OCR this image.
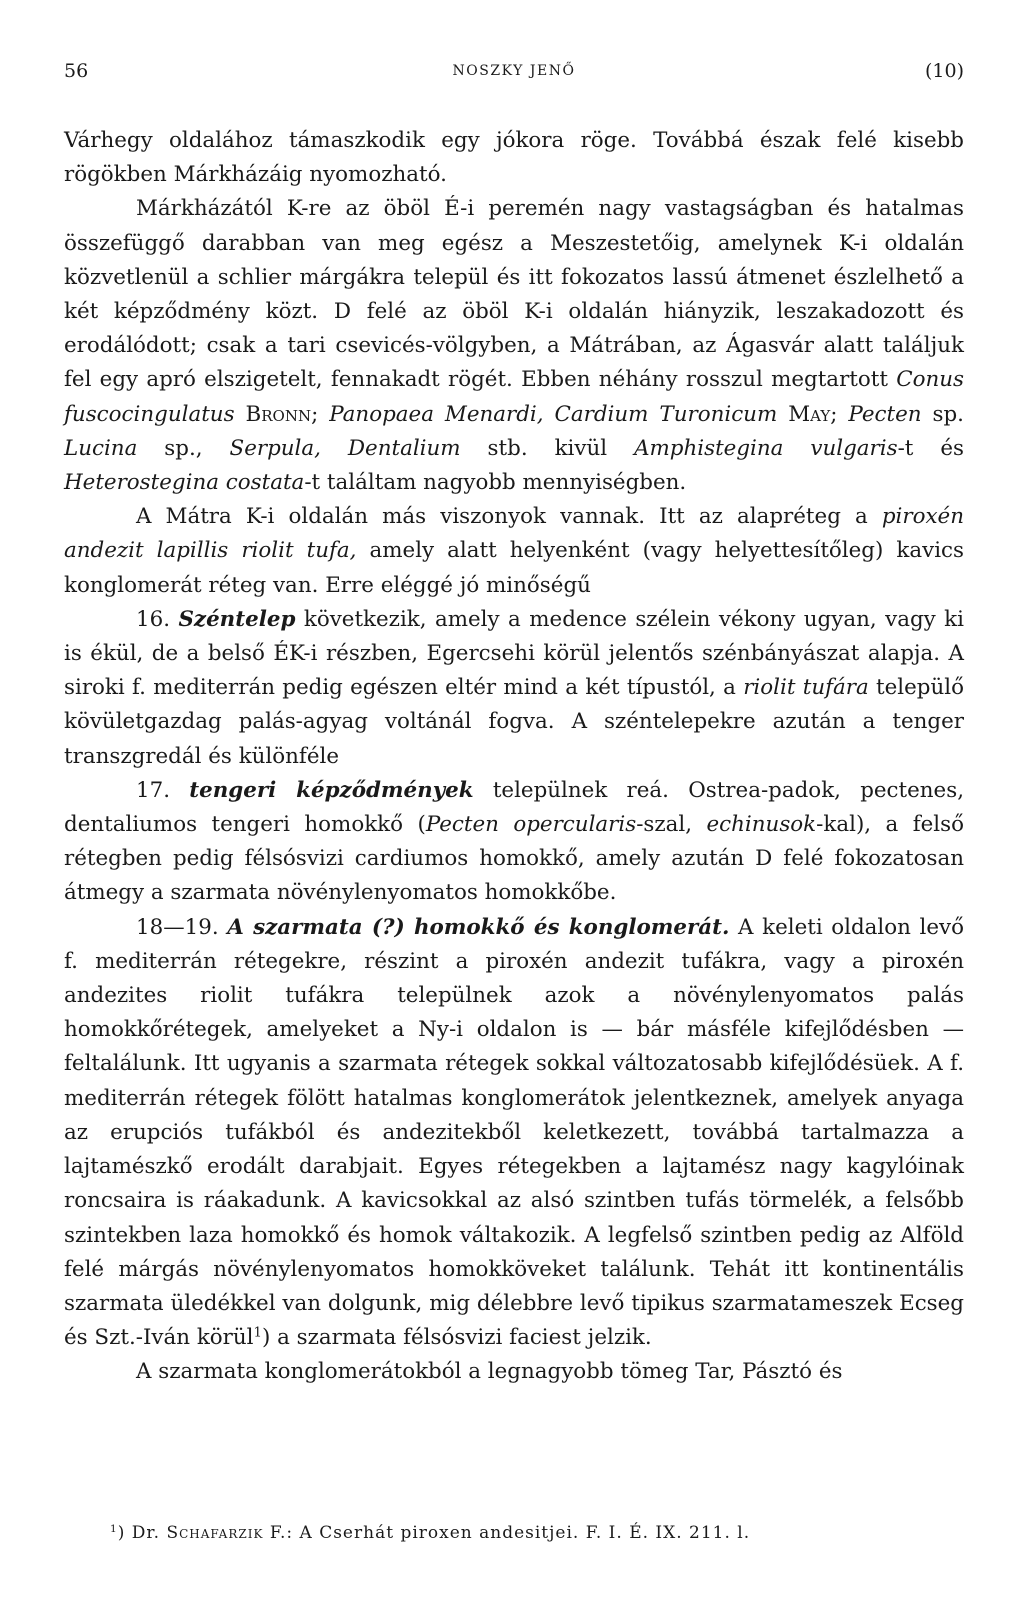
56	NOSZKY JENŐ	(10)

Várhegy oldalához támaszkodik egy jókora röge. Továbbá észak felé kisebb rögökben Márkházáig nyomozható.

Márkházától K-re az öböl É-i peremén nagy vastagságban és hatalmas összefüggő darabban van meg egész a Meszestetőig, amelynek K-i oldalán közvetlenül a schlier márgákra települ és itt fokozatos lassú átmenet észlelhető a két képződmény közt. D felé az öböl K-i oldalán hiányzik, leszakadozott és erodálódott; csak a tari csevicés-völgyben, a Mátrában, az Ágasvár alatt találjuk fel egy apró elszigetelt, fennakadt rögét. Ebben néhány rosszul megtartott Conus fuscocingulatus Bronn; Panopaea Menardi, Cardium Turonicum May; Pecten sp. Lucina sp., Serpula, Dentalium stb. kivül Amphistegina vulgaris-t és Heterostegina costata-t találtam nagyobb mennyiségben.

A Mátra K-i oldalán más viszonyok vannak. Itt az alapréteg a piroxén andezit lapillis riolit tufa, amely alatt helyenként (vagy helyettesítőleg) kavics konglomerát réteg van. Erre eléggé jó minőségű

16. Széntelep következik, amely a medence szélein vékony ugyan, vagy ki is ékül, de a belső ÉK-i részben, Egercsehi körül jelentős szénbányászat alapja. A siroki f. mediterrán pedig egészen eltér mind a két típustól, a riolit tufára települő kövületgazdag palás-agyag voltánál fogva. A széntelepekre azután a tenger transzgredál és különféle

17. tengeri képződmények települnek reá. Ostrea-padok, pectenes, dentaliumos tengeri homokkő (Pecten opercularis-szal, echinusok-kal), a felső rétegben pedig félsósvizi cardiumos homokkő, amely azután D felé fokozatosan átmegy a szarmata növénylenyomatos homokkőbe.

18—19. A szarmata (?) homokkő és konglomerát. A keleti oldalon levő f. mediterrán rétegekre, részint a piroxén andezit tufákra, vagy a piroxén andezites riolit tufákra települnek azok a növénylenyomatos palás homokkőrétegek, amelyeket a Ny-i oldalon is — bár másféle kifejlődésben — feltalálunk. Itt ugyanis a szarmata rétegek sokkal változatosabb kifejlődésüek. A f. mediterrán rétegek fölött hatalmas konglomerátok jelentkeznek, amelyek anyaga az erupciós tufákból és andezitekből keletkezett, továbbá tartalmazza a lajtamészkő erodált darabjait. Egyes rétegekben a lajtamész nagy kagylóinak roncsaira is ráakadunk. A kavicsokkal az alsó szintben tufás törmelék, a felsőbb szintekben laza homokkő és homok váltakozik. A legfelső szintben pedig az Alföld felé márgás növénylenyomatos homokköveket találunk. Tehát itt kontinentális szarmata üledékkel van dolgunk, mig délebbre levő tipikus szarmatameszek Ecseg és Szt.-Iván körül$^1$) a szarmata félsósvizi faciest jelzik.

A szarmata konglomerátokból a legnagyobb tömeg Tar, Pásztó és

$^1$) Dr. Schafarzik F.: A Cserhát piroxen andesitjei. F. I. É. IX. 211. l.
